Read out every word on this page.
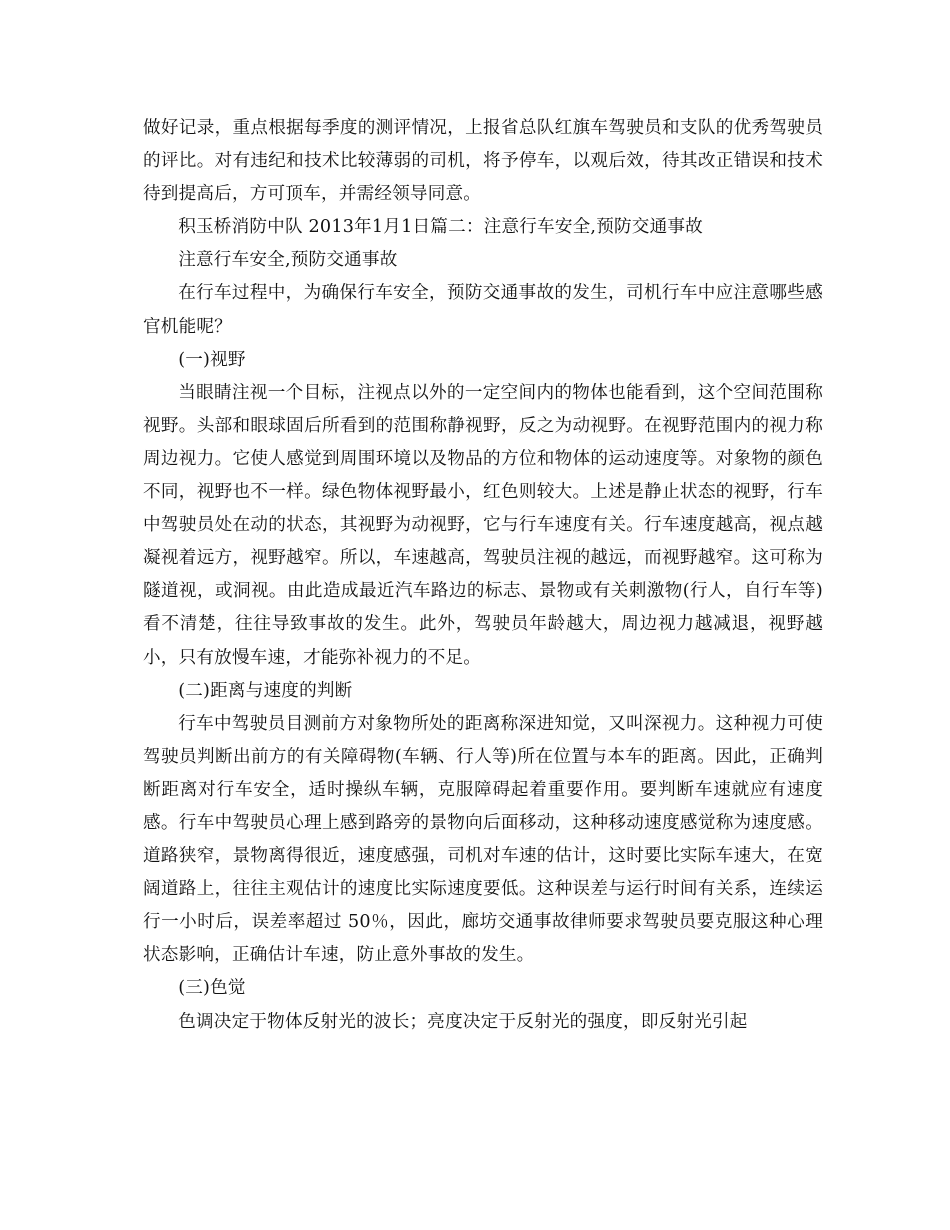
做好记录，重点根据每季度的测评情况，上报省总队红旗车驾驶员和支队的优秀驾驶员的评比。对有违纪和技术比较薄弱的司机，将予停车，以观后效，待其改正错误和技术待到提高后，方可顶车，并需经领导同意。

积玉桥消防中队 2013年1月1日篇二：注意行车安全,预防交通事故

注意行车安全,预防交通事故

在行车过程中，为确保行车安全，预防交通事故的发生，司机行车中应注意哪些感官机能呢？

(一)视野

当眼睛注视一个目标，注视点以外的一定空间内的物体也能看到，这个空间范围称视野。头部和眼球固后所看到的范围称静视野，反之为动视野。在视野范围内的视力称周边视力。它使人感觉到周围环境以及物品的方位和物体的运动速度等。对象物的颜色不同，视野也不一样。绿色物体视野最小，红色则较大。上述是静止状态的视野，行车中驾驶员处在动的状态，其视野为动视野，它与行车速度有关。行车速度越高，视点越凝视着远方，视野越窄。所以，车速越高，驾驶员注视的越远，而视野越窄。这可称为隧道视，或洞视。由此造成最近汽车路边的标志、景物或有关刺激物(行人，自行车等)看不清楚，往往导致事故的发生。此外，驾驶员年龄越大，周边视力越减退，视野越小，只有放慢车速，才能弥补视力的不足。

(二)距离与速度的判断

行车中驾驶员目测前方对象物所处的距离称深进知觉，又叫深视力。这种视力可使驾驶员判断出前方的有关障碍物(车辆、行人等)所在位置与本车的距离。因此，正确判断距离对行车安全，适时操纵车辆，克服障碍起着重要作用。要判断车速就应有速度感。行车中驾驶员心理上感到路旁的景物向后面移动，这种移动速度感觉称为速度感。道路狭窄，景物离得很近，速度感强，司机对车速的估计，这时要比实际车速大，在宽阔道路上，往往主观估计的速度比实际速度要低。这种误差与运行时间有关系，连续运行一小时后，误差率超过 50％，因此，廊坊交通事故律师要求驾驶员要克服这种心理状态影响，正确估计车速，防止意外事故的发生。

(三)色觉

色调决定于物体反射光的波长；亮度决定于反射光的强度，即反射光引起
